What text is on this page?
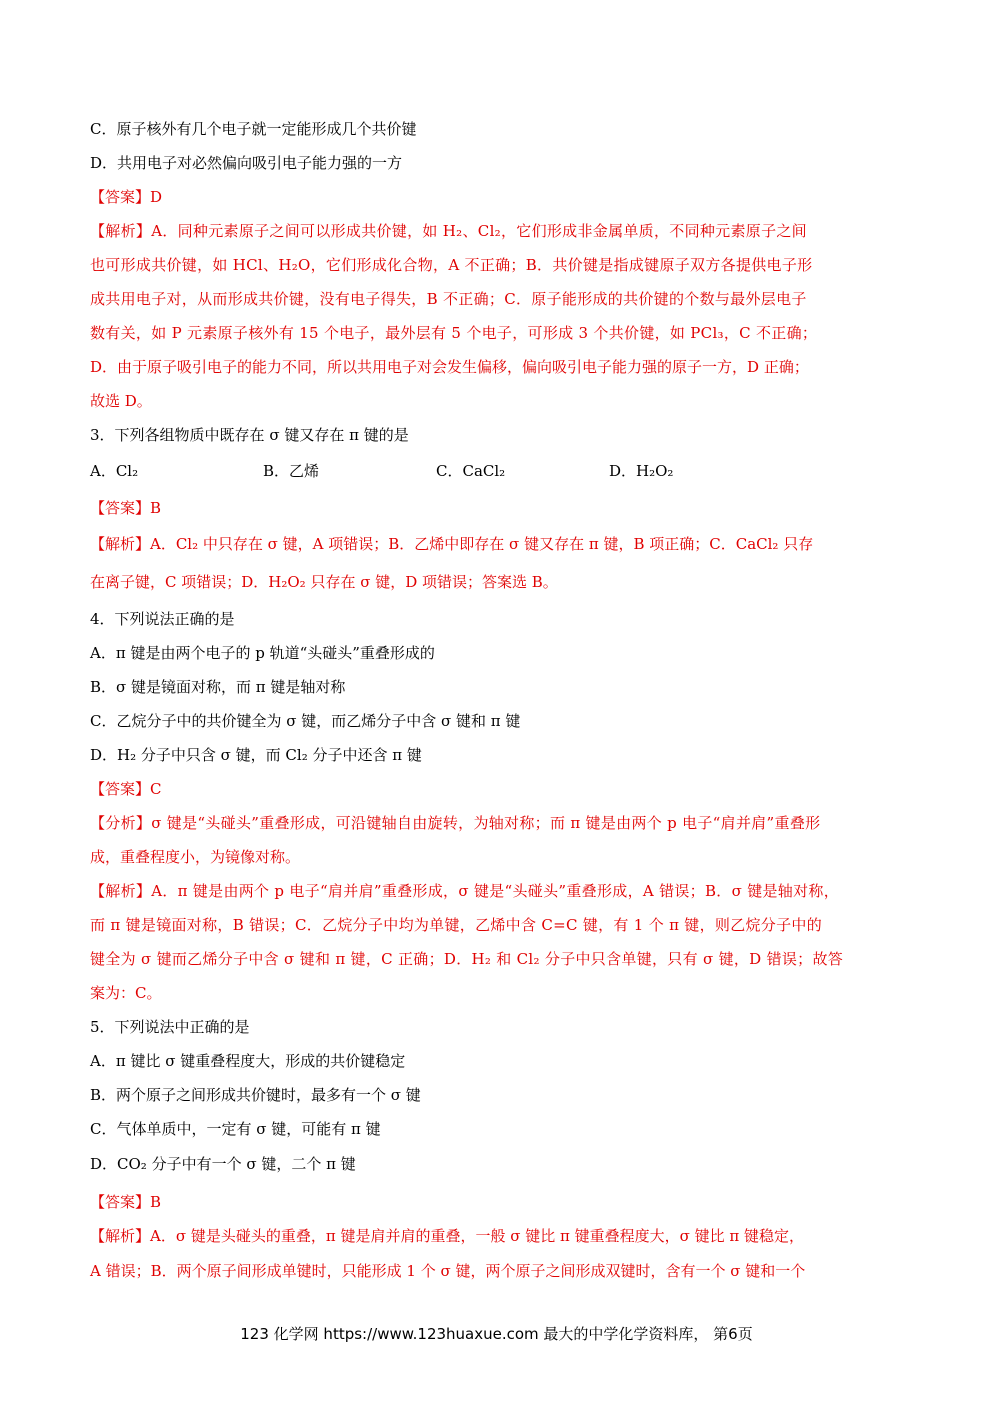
C．原子核外有几个电子就一定能形成几个共价键
D．共用电子对必然偏向吸引电子能力强的一方
【答案】D
【解析】A．同种元素原子之间可以形成共价键，如 H₂、Cl₂，它们形成非金属单质，不同种元素原子之间
也可形成共价键，如 HCl、H₂O，它们形成化合物，A 不正确；B．共价键是指成键原子双方各提供电子形
成共用电子对，从而形成共价键，没有电子得失，B 不正确；C．原子能形成的共价键的个数与最外层电子
数有关，如 P 元素原子核外有 15 个电子，最外层有 5 个电子，可形成 3 个共价键，如 PCl₃，C 不正确；
D．由于原子吸引电子的能力不同，所以共用电子对会发生偏移，偏向吸引电子能力强的原子一方，D 正确；
故选 D。
3．下列各组物质中既存在 σ 键又存在 π 键的是
A．Cl₂	B．乙烯	C．CaCl₂	D．H₂O₂
【答案】B
【解析】A．Cl₂ 中只存在 σ 键，A 项错误；B．乙烯中即存在 σ 键又存在 π 键，B 项正确；C．CaCl₂ 只存
在离子键，C 项错误；D．H₂O₂ 只存在 σ 键，D 项错误；答案选 B。
4．下列说法正确的是
A．π 键是由两个电子的 p 轨道“头碰头”重叠形成的
B．σ 键是镜面对称，而 π 键是轴对称
C．乙烷分子中的共价键全为 σ 键，而乙烯分子中含 σ 键和 π 键
D．H₂ 分子中只含 σ 键，而 Cl₂ 分子中还含 π 键
【答案】C
【分析】σ 键是“头碰头”重叠形成，可沿键轴自由旋转，为轴对称；而 π 键是由两个 p 电子“肩并肩”重叠形
成，重叠程度小，为镜像对称。
【解析】A．π 键是由两个 p 电子“肩并肩”重叠形成，σ 键是“头碰头”重叠形成，A 错误；B．σ 键是轴对称，
而 π 键是镜面对称，B 错误；C．乙烷分子中均为单键，乙烯中含 C=C 键，有 1 个 π 键，则乙烷分子中的
键全为 σ 键而乙烯分子中含 σ 键和 π 键，C 正确；D．H₂ 和 Cl₂ 分子中只含单键，只有 σ 键，D 错误；故答
案为：C。
5．下列说法中正确的是
A．π 键比 σ 键重叠程度大，形成的共价键稳定
B．两个原子之间形成共价键时，最多有一个 σ 键
C．气体单质中，一定有 σ 键，可能有 π 键
D．CO₂ 分子中有一个 σ 键，二个 π 键
【答案】B
【解析】A．σ 键是头碰头的重叠，π 键是肩并肩的重叠，一般 σ 键比 π 键重叠程度大，σ 键比 π 键稳定，
A 错误；B．两个原子间形成单键时，只能形成 1 个 σ 键，两个原子之间形成双键时，含有一个 σ 键和一个
123 化学网 https://www.123huaxue.com 最大的中学化学资料库， 第6页
